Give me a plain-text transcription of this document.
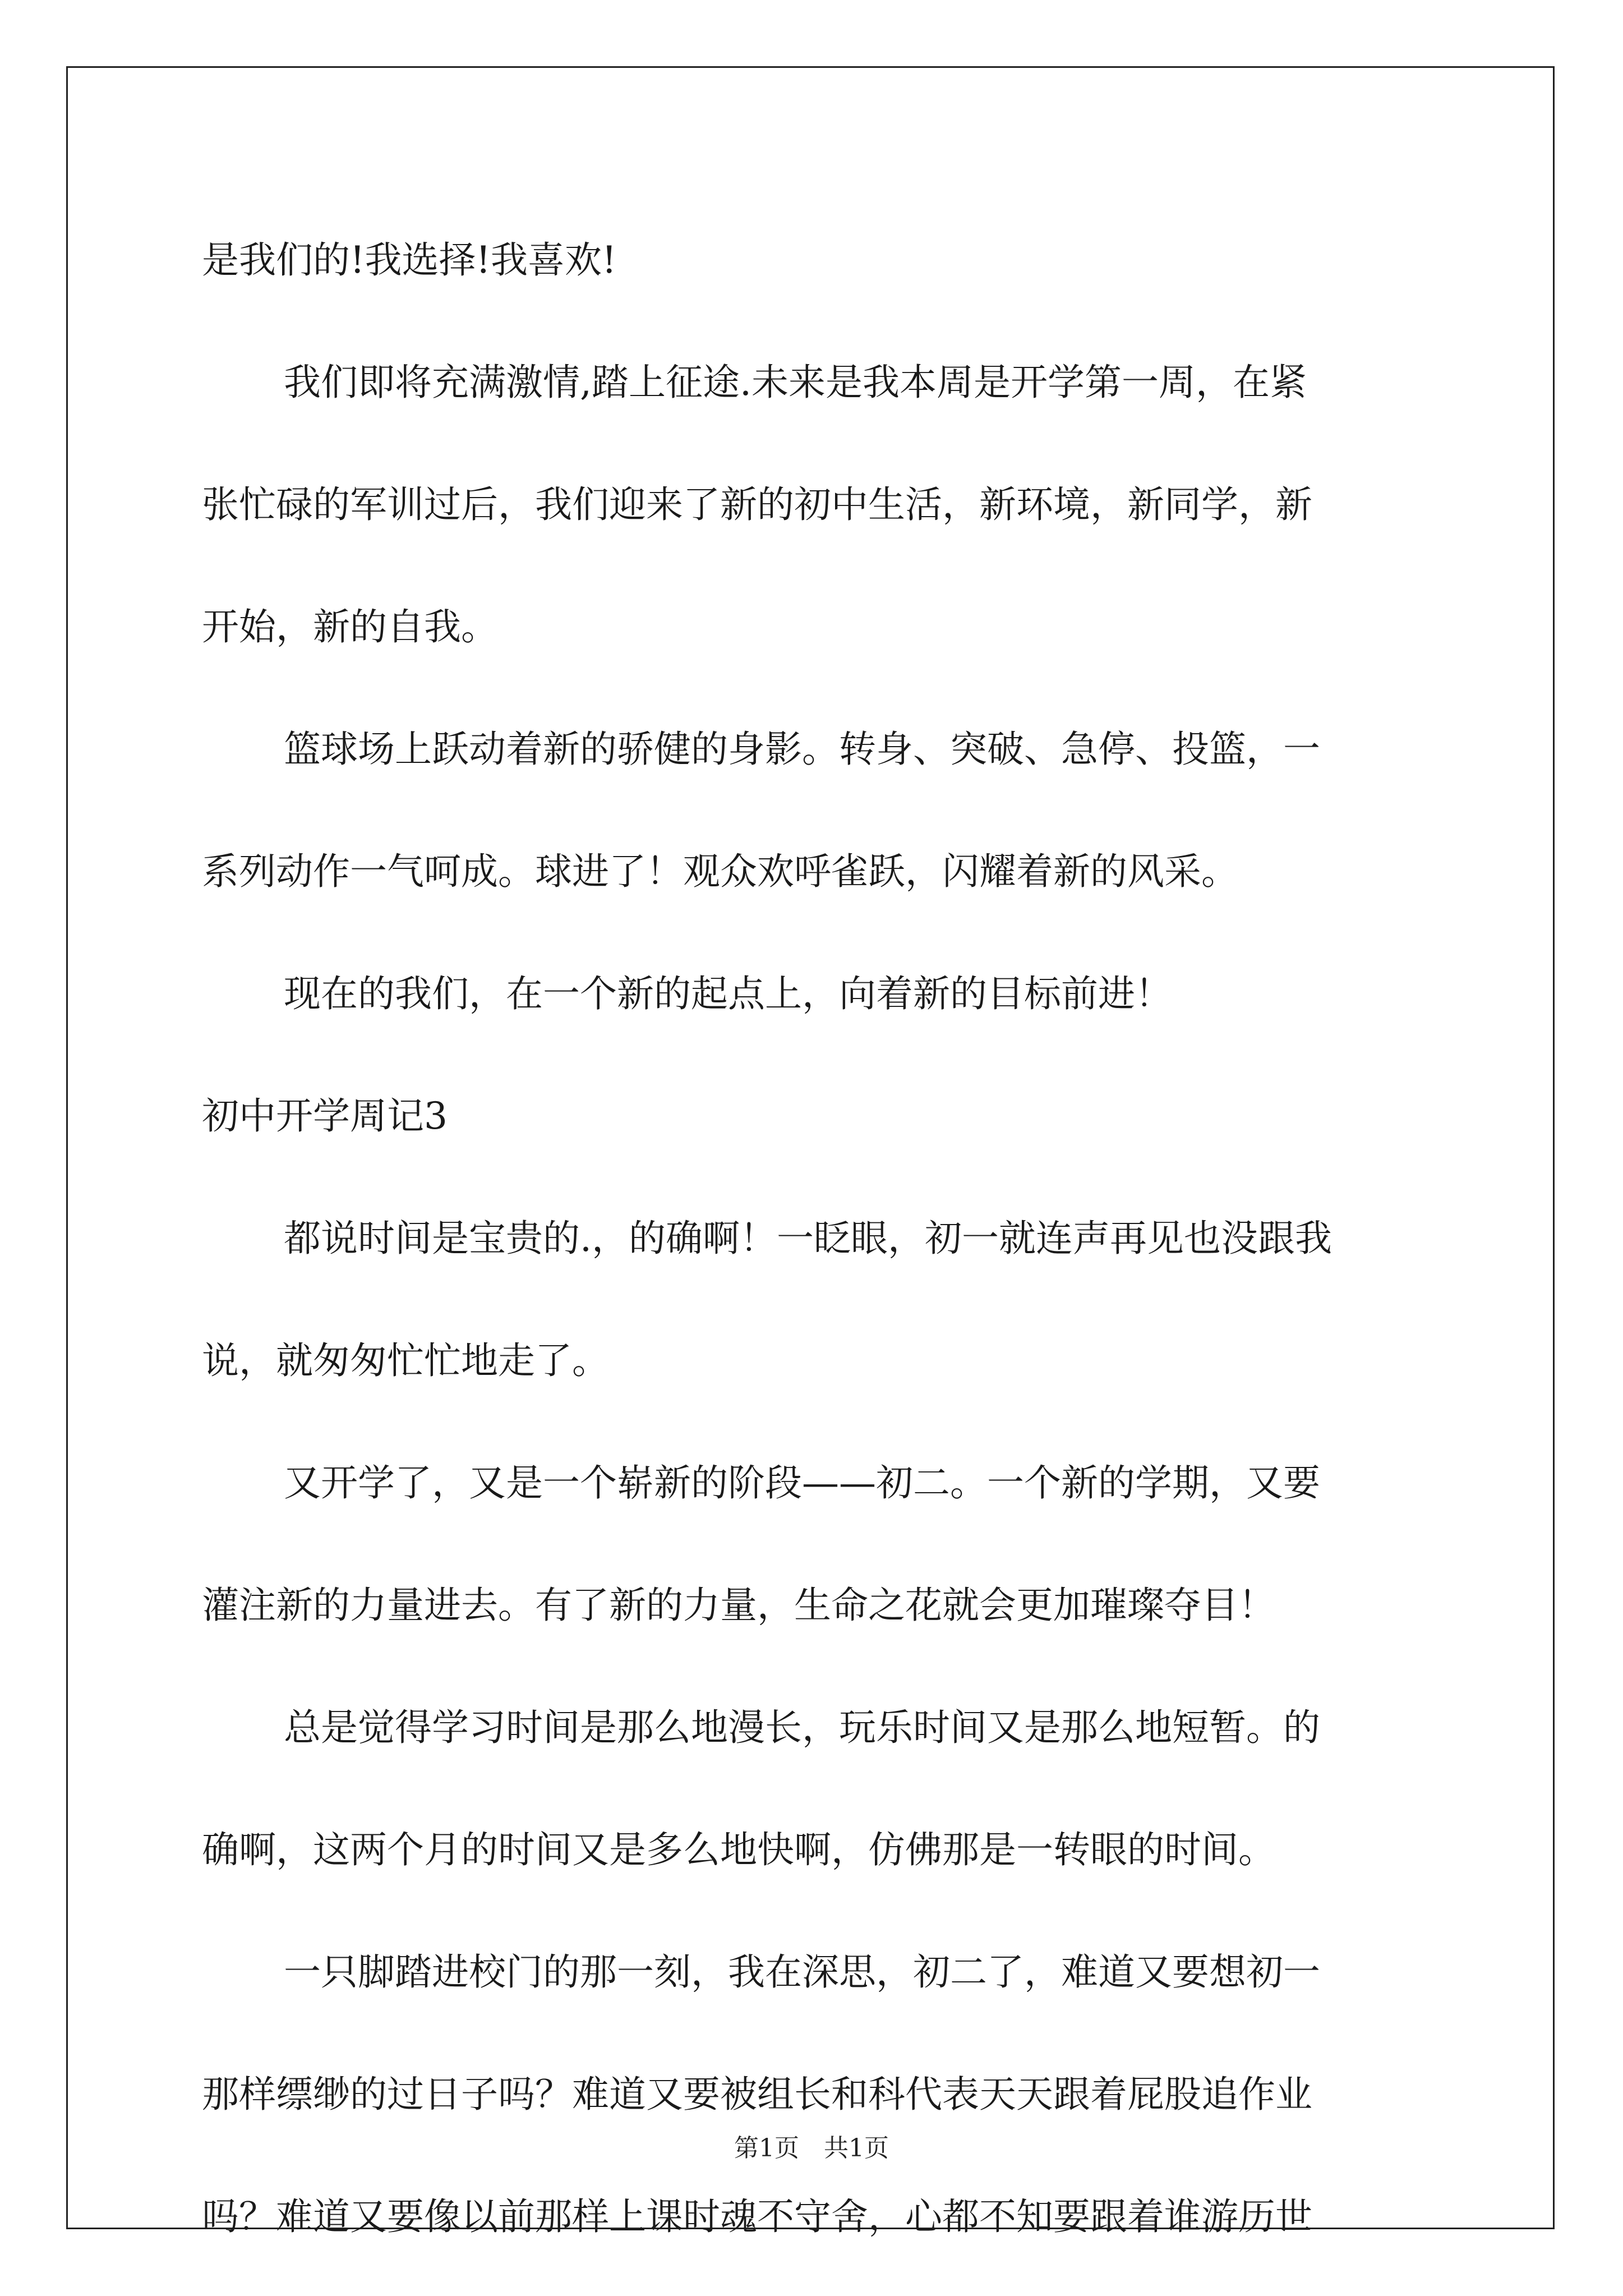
是我们的!我选择!我喜欢!
我们即将充满激情,踏上征途.未来是我本周是开学第一周，在紧
张忙碌的军训过后，我们迎来了新的初中生活，新环境，新同学，新
开始，新的自我。
篮球场上跃动着新的骄健的身影。转身、突破、急停、投篮，一
系列动作一气呵成。球进了！观众欢呼雀跃，闪耀着新的风采。
现在的我们，在一个新的起点上，向着新的目标前进！
初中开学周记3
都说时间是宝贵的.，的确啊！一眨眼，初一就连声再见也没跟我
说，就匆匆忙忙地走了。
又开学了，又是一个崭新的阶段——初二。一个新的学期，又要
灌注新的力量进去。有了新的力量，生命之花就会更加璀璨夺目！
总是觉得学习时间是那么地漫长，玩乐时间又是那么地短暂。的
确啊，这两个月的时间又是多么地快啊，仿佛那是一转眼的时间。
一只脚踏进校门的那一刻，我在深思，初二了，难道又要想初一
那样缥缈的过日子吗？难道又要被组长和科代表天天跟着屁股追作业
吗？难道又要像以前那样上课时魂不守舍，心都不知要跟着谁游历世
第1页　共1页
